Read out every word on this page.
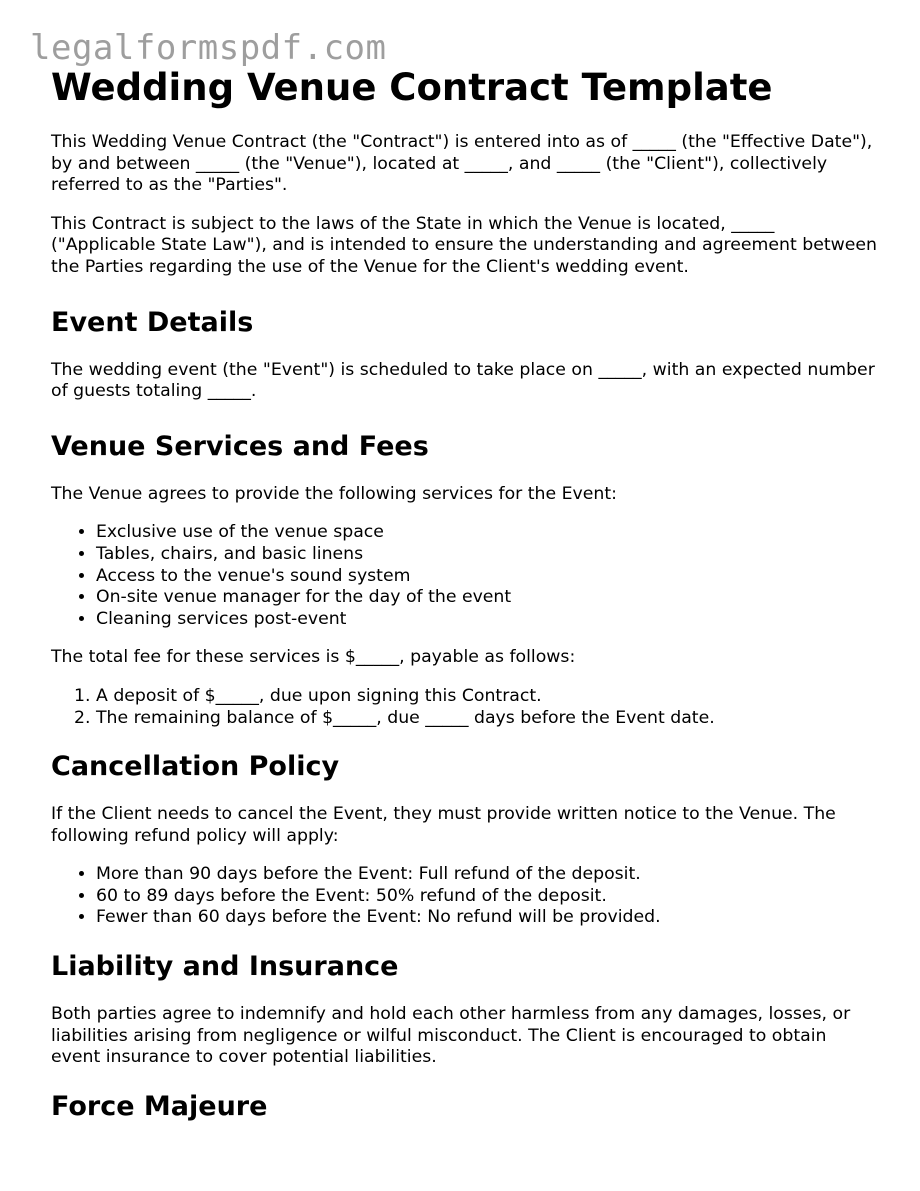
legalformspdf.com
Wedding Venue Contract Template

This Wedding Venue Contract (the "Contract") is entered into as of _____ (the "Effective Date"), by and between _____ (the "Venue"), located at _____, and _____ (the "Client"), collectively referred to as the "Parties".

This Contract is subject to the laws of the State in which the Venue is located, _____ ("Applicable State Law"), and is intended to ensure the understanding and agreement between the Parties regarding the use of the Venue for the Client's wedding event.

Event Details

The wedding event (the "Event") is scheduled to take place on _____, with an expected number of guests totaling _____.

Venue Services and Fees

The Venue agrees to provide the following services for the Event:

• Exclusive use of the venue space
• Tables, chairs, and basic linens
• Access to the venue's sound system
• On-site venue manager for the day of the event
• Cleaning services post-event

The total fee for these services is $_____, payable as follows:

1. A deposit of $_____, due upon signing this Contract.
2. The remaining balance of $_____, due _____ days before the Event date.
Cancellation Policy

If the Client needs to cancel the Event, they must provide written notice to the Venue. The following refund policy will apply:

• More than 90 days before the Event: Full refund of the deposit.
• 60 to 89 days before the Event: 50% refund of the deposit.
• Fewer than 60 days before the Event: No refund will be provided.
Liability and Insurance

Both parties agree to indemnify and hold each other harmless from any damages, losses, or liabilities arising from negligence or wilful misconduct. The Client is encouraged to obtain event insurance to cover potential liabilities.

Force Majeure
